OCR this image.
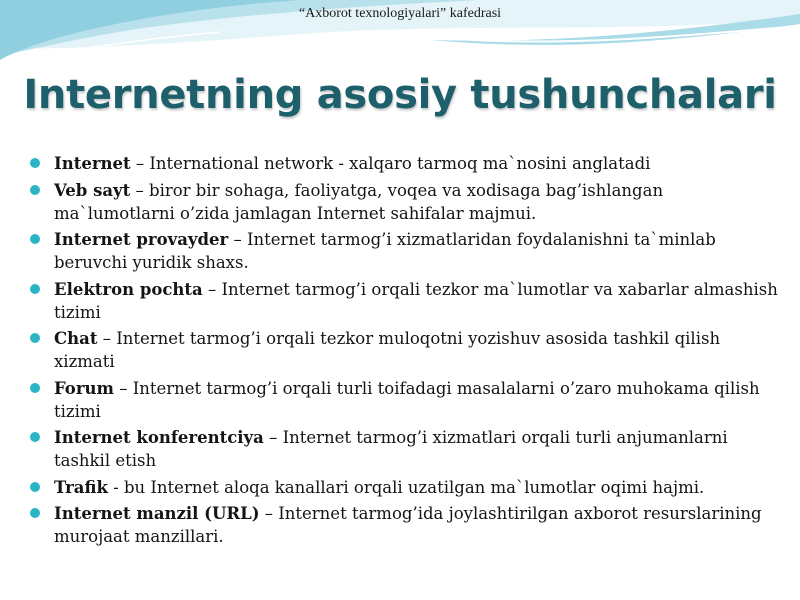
“Axborot texnologiyalari” kafedrasi
Internetning asosiy tushunchalari
Internet – International network - xalqaro tarmoq ma`nosini anglatadi
Veb sayt – biror bir sohaga, faoliyatga, voqea va xodisaga bag’ishlangan ma`lumotlarni o’zida jamlagan Internet sahifalar majmui.
Internet provayder – Internet tarmog’i xizmatlaridan foydalanishni ta`minlab beruvchi yuridik shaxs.
Elektron pochta – Internet tarmog’i orqali tezkor ma`lumotlar va xabarlar almashish tizimi
Chat – Internet tarmog’i orqali tezkor muloqotni yozishuv asosida tashkil qilish xizmati
Forum – Internet tarmog’i orqali turli toifadagi masalalarni o’zaro muhokama qilish tizimi
Internet konferentciya – Internet tarmog’i xizmatlari orqali turli anjumanlarni tashkil etish
Trafik - bu Internet aloqa kanallari orqali uzatilgan ma`lumotlar oqimi hajmi.
Internet manzil (URL) – Internet tarmog’ida joylashtirilgan axborot resurslarining murojaat manzillari.
